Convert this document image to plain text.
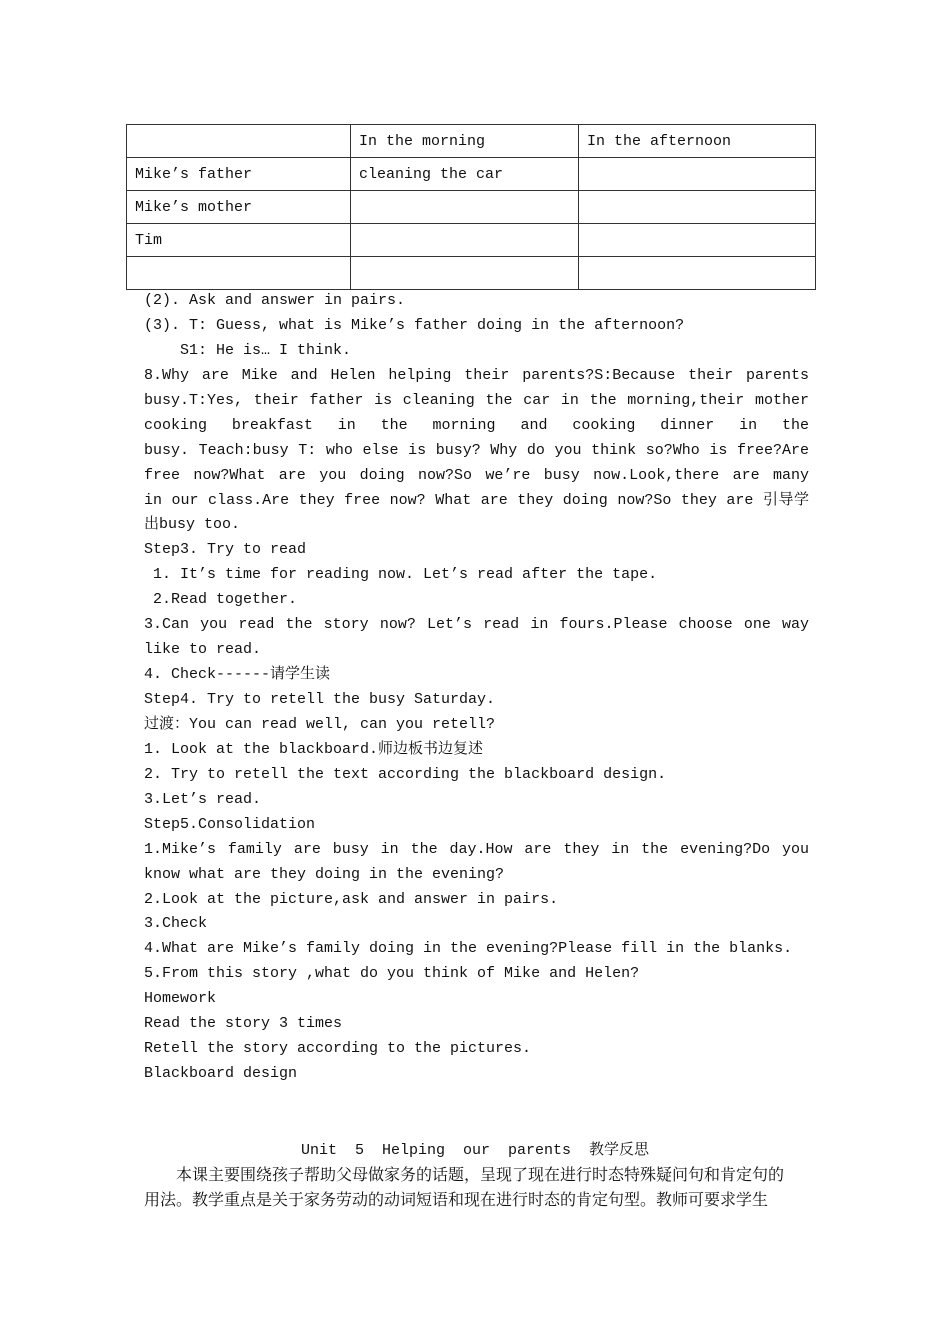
	In the morning	In the afternoon
Mike’s father	cleaning the car	
Mike’s mother		
Tim		

(2). Ask and answer in pairs.
(3). T: Guess, what is Mike’s father doing in the afternoon?
S1: He is… I think.
8.Why are Mike and Helen helping their parents?S:Because their parents
busy.T:Yes, their father is cleaning the car in the morning,their mother
cooking breakfast in the morning and cooking dinner in the
busy. Teach:busy T: who else is busy? Why do you think so?Who is free?Are
free now?What are you doing now?So we’re busy now.Look,there are many
in our class.Are they free now? What are they doing now?So they are 引导学
出busy too.
Step3. Try to read
1. It’s time for reading now. Let’s read after the tape.
2.Read together.
3.Can you read the story now? Let’s read in fours.Please choose one way
like to read.
4. Check------请学生读
Step4. Try to retell the busy Saturday.
过渡：You can read well, can you retell?
1. Look at the blackboard.师边板书边复述
2. Try to retell the text according the blackboard design.
3.Let’s read.
Step5.Consolidation
1.Mike’s family are busy in the day.How are they in the evening?Do you
know what are they doing in the evening?
2.Look at the picture,ask and answer in pairs.
3.Check
4.What are Mike’s family doing in the evening?Please fill in the blanks.
5.From this story ,what do you think of Mike and Helen?
Homework
Read the story 3 times
Retell the story according to the pictures.
Blackboard design
Unit  5  Helping  our  parents  教学反思
　　本课主要围绕孩子帮助父母做家务的话题，呈现了现在进行时态特殊疑问句和肯定句的
用法。教学重点是关于家务劳动的动词短语和现在进行时态的肯定句型。教师可要求学生
